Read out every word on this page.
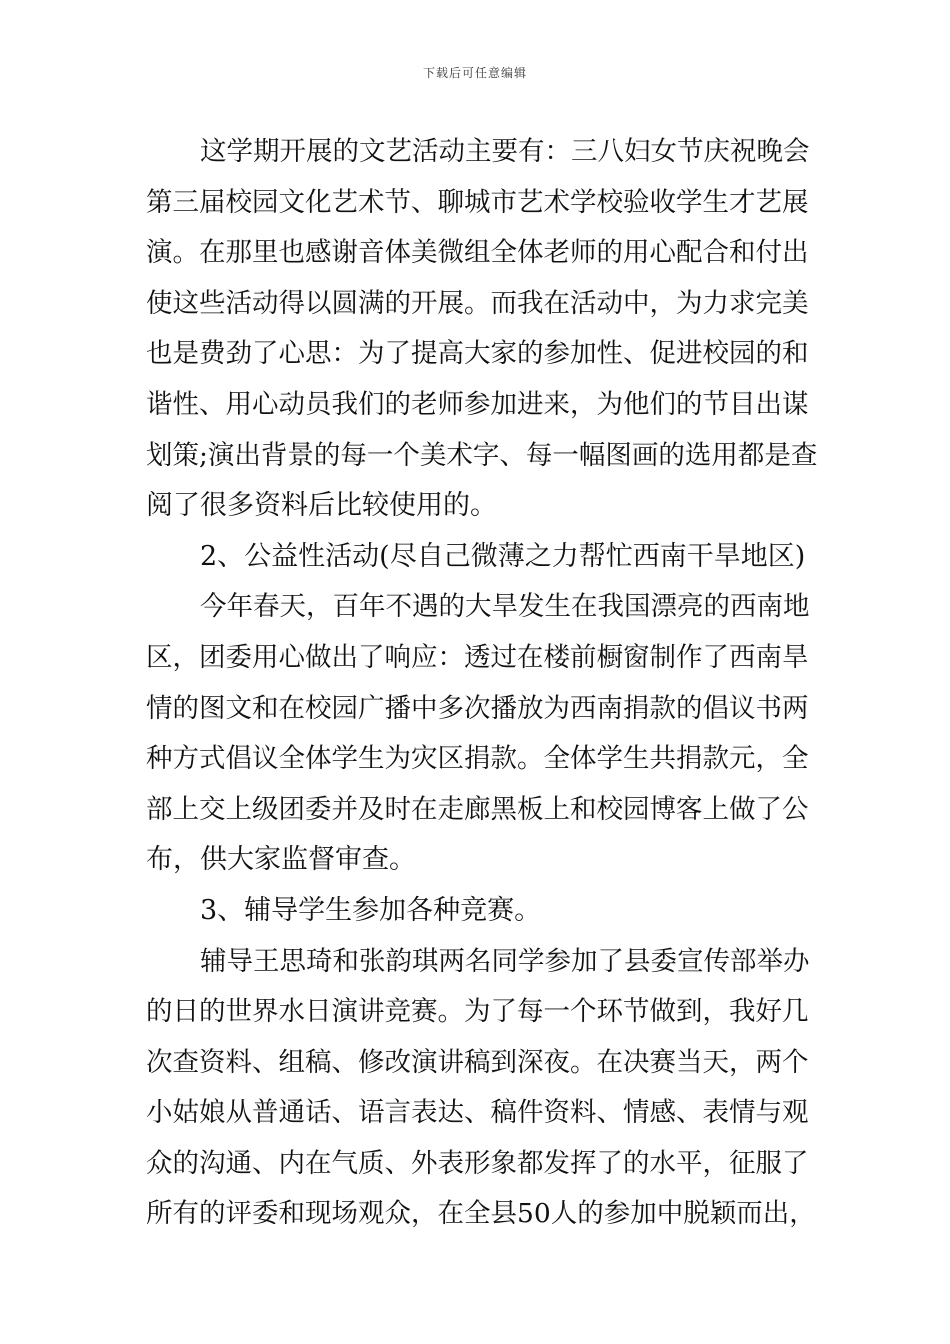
下载后可任意编辑
这学期开展的文艺活动主要有：三八妇女节庆祝晚会
第三届校园文化艺术节、聊城市艺术学校验收学生才艺展
演。在那里也感谢音体美微组全体老师的用心配合和付出
使这些活动得以圆满的开展。而我在活动中，为力求完美
也是费劲了心思：为了提高大家的参加性、促进校园的和
谐性、用心动员我们的老师参加进来，为他们的节目出谋
划策;演出背景的每一个美术字、每一幅图画的选用都是查
阅了很多资料后比较使用的。
2、公益性活动(尽自己微薄之力帮忙西南干旱地区)
今年春天，百年不遇的大旱发生在我国漂亮的西南地
区，团委用心做出了响应：透过在楼前橱窗制作了西南旱
情的图文和在校园广播中多次播放为西南捐款的倡议书两
种方式倡议全体学生为灾区捐款。全体学生共捐款元，全
部上交上级团委并及时在走廊黑板上和校园博客上做了公
布，供大家监督审查。
3、辅导学生参加各种竞赛。
辅导王思琦和张韵琪两名同学参加了县委宣传部举办
的日的世界水日演讲竞赛。为了每一个环节做到，我好几
次查资料、组稿、修改演讲稿到深夜。在决赛当天，两个
小姑娘从普通话、语言表达、稿件资料、情感、表情与观
众的沟通、内在气质、外表形象都发挥了的水平，征服了
所有的评委和现场观众，在全县50人的参加中脱颖而出，
